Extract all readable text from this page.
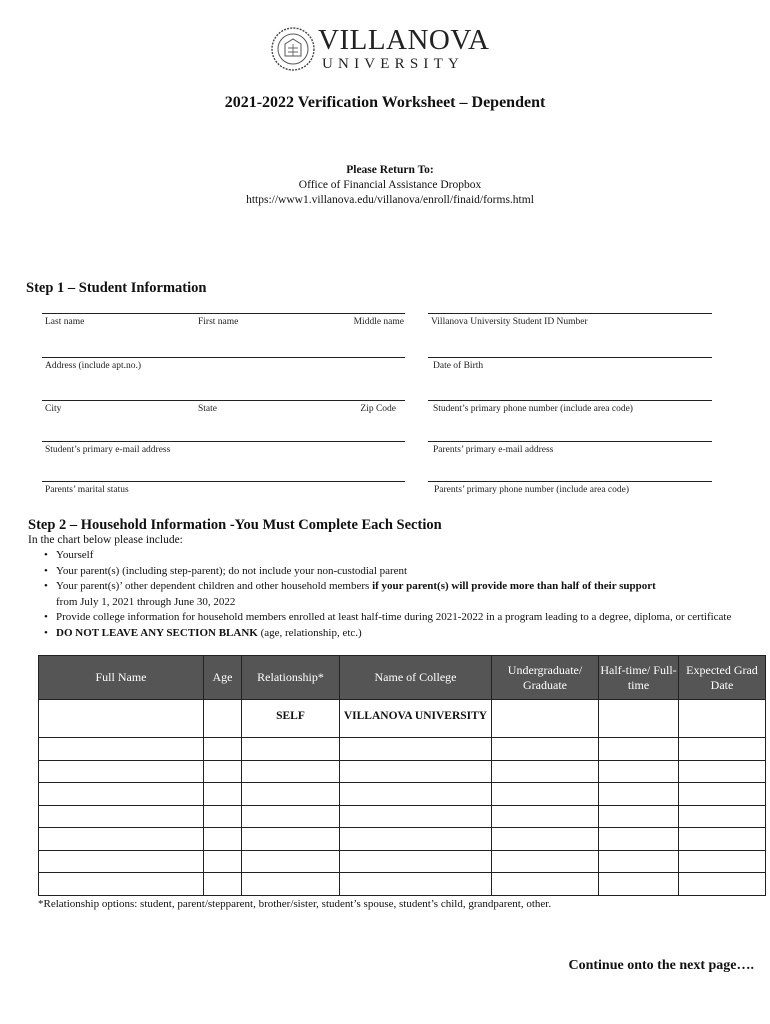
VILLANOVA
UNIVERSITY
2021-2022 Verification Worksheet – Dependent
Please Return To:
Office of Financial Assistance Dropbox
https://www1.villanova.edu/villanova/enroll/finaid/forms.html
Step 1 – Student Information
Last name	First name	Middle name	Villanova University Student ID Number
Address (include apt.no.)	Date of Birth
City	State	Zip Code	Student’s primary phone number (include area code)
Student’s primary e-mail address	Parents’ primary e-mail address
Parents’ marital status	Parents’ primary phone number (include area code)
Step 2 – Household Information -You Must Complete Each Section
In the chart below please include:
• Yourself
• Your parent(s) (including step-parent); do not include your non-custodial parent
• Your parent(s)’ other dependent children and other household members if your parent(s) will provide more than half of their support
from July 1, 2021 through June 30, 2022
• Provide college information for household members enrolled at least half-time during 2021-2022 in a program leading to a degree, diploma, or certificate
• DO NOT LEAVE ANY SECTION BLANK (age, relationship, etc.)
Full Name	Age	Relationship*	Name of College	Undergraduate/ Graduate	Half-time/ Full-time	Expected Grad Date
		SELF	VILLANOVA UNIVERSITY			

*Relationship options: student, parent/stepparent, brother/sister, student’s spouse, student’s child, grandparent, other.
Continue onto the next page….
